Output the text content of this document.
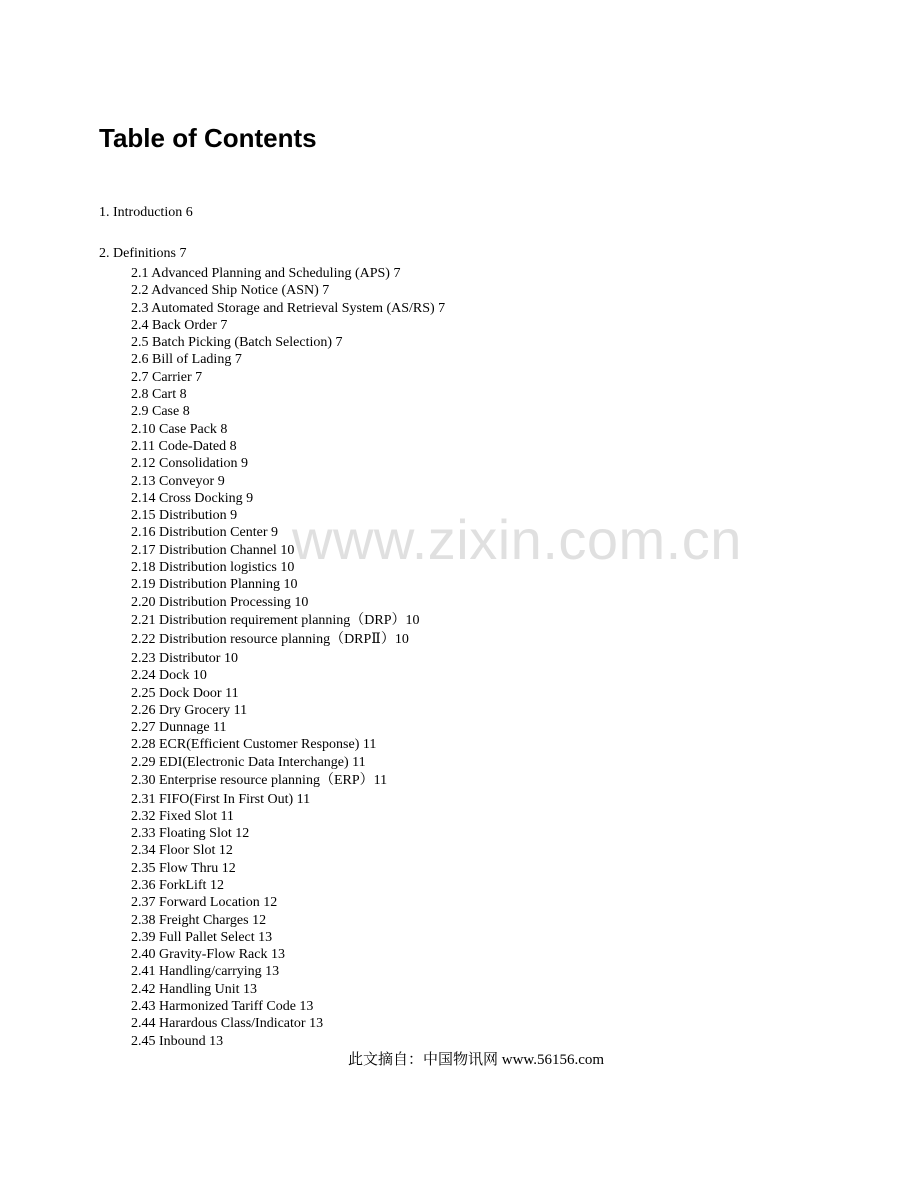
Table of Contents
1. Introduction 6
2. Definitions 7
2.1 Advanced Planning and Scheduling (APS) 7
2.2 Advanced Ship Notice (ASN) 7
2.3 Automated Storage and Retrieval System (AS/RS) 7
2.4 Back Order 7
2.5 Batch Picking (Batch Selection) 7
2.6 Bill of Lading 7
2.7 Carrier 7
2.8 Cart 8
2.9 Case 8
2.10 Case Pack 8
2.11 Code-Dated 8
2.12 Consolidation 9
2.13 Conveyor 9
2.14 Cross Docking 9
2.15 Distribution 9
2.16 Distribution Center 9
2.17 Distribution Channel 10
2.18 Distribution logistics 10
2.19 Distribution Planning 10
2.20 Distribution Processing 10
2.21 Distribution requirement planning（DRP）10
2.22 Distribution resource planning（DRPⅡ）10
2.23 Distributor 10
2.24 Dock 10
2.25 Dock Door 11
2.26 Dry Grocery 11
2.27 Dunnage 11
2.28 ECR(Efficient Customer Response) 11
2.29 EDI(Electronic Data Interchange) 11
2.30 Enterprise resource planning（ERP）11
2.31 FIFO(First In First Out) 11
2.32 Fixed Slot 11
2.33 Floating Slot 12
2.34 Floor Slot 12
2.35 Flow Thru 12
2.36 ForkLift 12
2.37 Forward Location 12
2.38 Freight Charges 12
2.39 Full Pallet Select 13
2.40 Gravity-Flow Rack 13
2.41 Handling/carrying 13
2.42 Handling Unit 13
2.43 Harmonized Tariff Code 13
2.44 Harardous Class/Indicator 13
2.45 Inbound 13
www.zixin.com.cn
此文摘自：中国物讯网 www.56156.com
